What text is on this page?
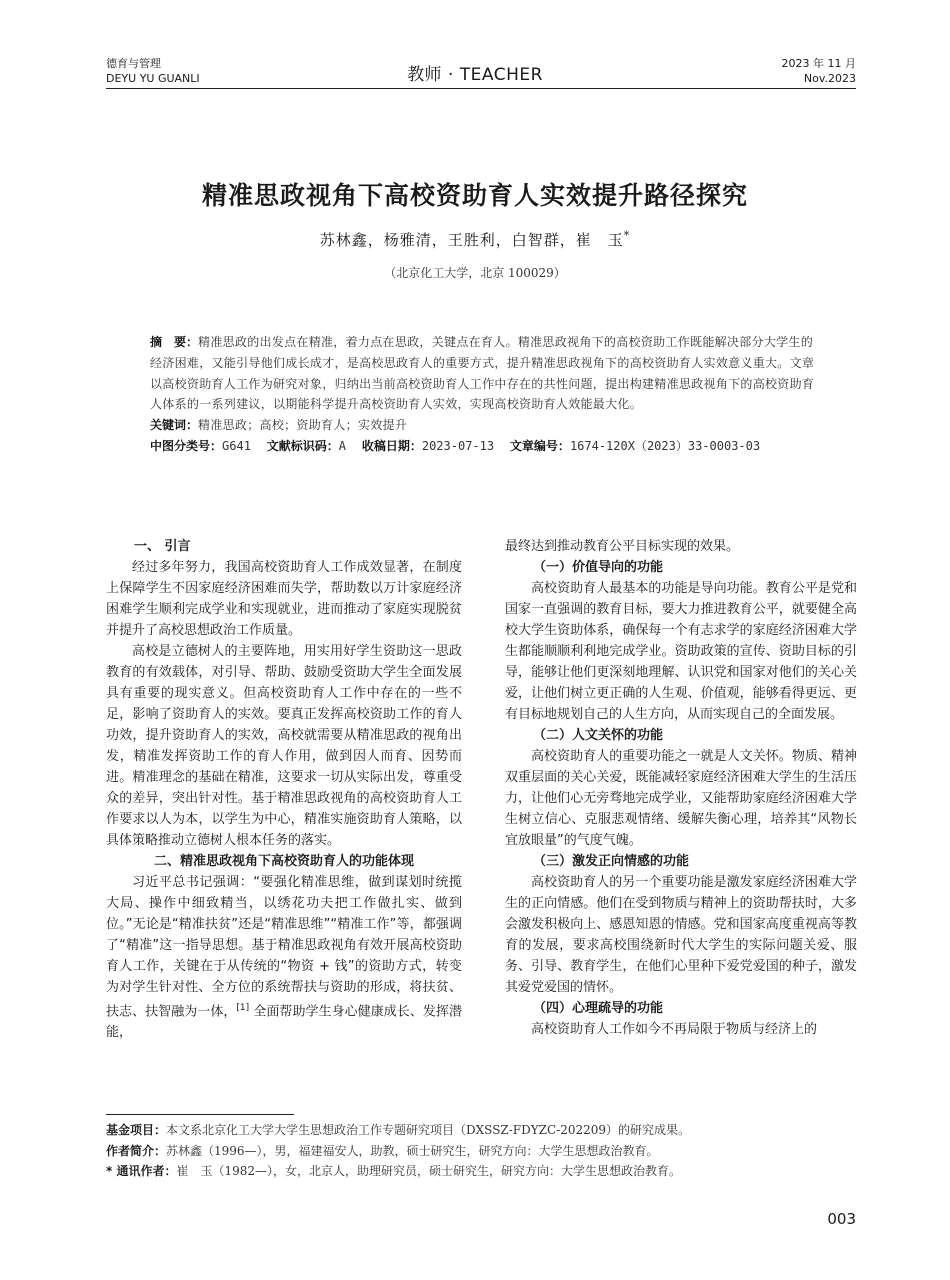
德育与管理
DEYU YU GUANLI	教师 · TEACHER
2023 年 11 月
Nov.2023
精准思政视角下高校资助育人实效提升路径探究
苏林鑫，杨雅清，王胜利，白智群，崔　玉*
（北京化工大学，北京 100029）

摘　要：精准思政的出发点在精准，着力点在思政，关键点在育人。精准思政视角下的高校资助工作既能解决部分大学生的经济困难，又能引导他们成长成才，是高校思政育人的重要方式，提升精准思政视角下的高校资助育人实效意义重大。文章以高校资助育人工作为研究对象，归纳出当前高校资助育人工作中存在的共性问题，提出构建精准思政视角下的高校资助育人体系的一系列建议，以期能科学提升高校资助育人实效，实现高校资助育人效能最大化。

关键词：精准思政；高校；资助育人；实效提升

中图分类号：G641 文献标识码：A 收稿日期：2023-07-13 文章编号：1674-120X（2023）33-0003-03

一、 引言

经过多年努力，我国高校资助育人工作成效显著，在制度上保障学生不因家庭经济困难而失学，帮助数以万计家庭经济困难学生顺利完成学业和实现就业，进而推动了家庭实现脱贫并提升了高校思想政治工作质量。

高校是立德树人的主要阵地，用实用好学生资助这一思政教育的有效载体，对引导、帮助、鼓励受资助大学生全面发展具有重要的现实意义。但高校资助育人工作中存在的一些不足，影响了资助育人的实效。要真正发挥高校资助工作的育人功效，提升资助育人的实效，高校就需要从精准思政的视角出发，精准发挥资助工作的育人作用，做到因人而育、因势而进。精准理念的基础在精准，这要求一切从实际出发，尊重受众的差异，突出针对性。基于精准思政视角的高校资助育人工作要求以人为本，以学生为中心，精准实施资助育人策略，以具体策略推动立德树人根本任务的落实。

二、精准思政视角下高校资助育人的功能体现

习近平总书记强调：“要强化精准思维，做到谋划时统揽大局、操作中细致精当，以绣花功夫把工作做扎实、做到位。”无论是“精准扶贫”还是“精准思维”“精准工作”等，都强调了“精准”这一指导思想。基于精准思政视角有效开展高校资助育人工作，关键在于从传统的“物资 + 钱”的资助方式，转变为对学生针对性、全方位的系统帮扶与资助的形成，将扶贫、扶志、扶智融为一体，[1] 全面帮助学生身心健康成长、发挥潜能，

最终达到推动教育公平目标实现的效果。

（一）价值导向的功能

高校资助育人最基本的功能是导向功能。教育公平是党和国家一直强调的教育目标，要大力推进教育公平，就要健全高校大学生资助体系，确保每一个有志求学的家庭经济困难大学生都能顺顺利利地完成学业。资助政策的宣传、资助目标的引导，能够让他们更深刻地理解、认识党和国家对他们的关心关爱，让他们树立更正确的人生观、价值观，能够看得更远、更有目标地规划自己的人生方向，从而实现自己的全面发展。

（二）人文关怀的功能

高校资助育人的重要功能之一就是人文关怀。物质、精神双重层面的关心关爱，既能减轻家庭经济困难大学生的生活压力，让他们心无旁骛地完成学业，又能帮助家庭经济困难大学生树立信心、克服悲观情绪、缓解失衡心理，培养其“风物长宜放眼量”的气度气魄。

（三）激发正向情感的功能

高校资助育人的另一个重要功能是激发家庭经济困难大学生的正向情感。他们在受到物质与精神上的资助帮扶时，大多会激发积极向上、感恩知恩的情感。党和国家高度重视高等教育的发展，要求高校围绕新时代大学生的实际问题关爱、服务、引导、教育学生，在他们心里种下爱党爱国的种子，激发其爱党爱国的情怀。

（四）心理疏导的功能

高校资助育人工作如今不再局限于物质与经济上的

基金项目：本文系北京化工大学大学生思想政治工作专题研究项目（DXSSZ-FDYZC-202209）的研究成果。
作者简介：苏林鑫（1996—），男，福建福安人，助教，硕士研究生，研究方向：大学生思想政治教育。
* 通讯作者：崔　玉（1982—），女，北京人，助理研究员，硕士研究生，研究方向：大学生思想政治教育。
003
